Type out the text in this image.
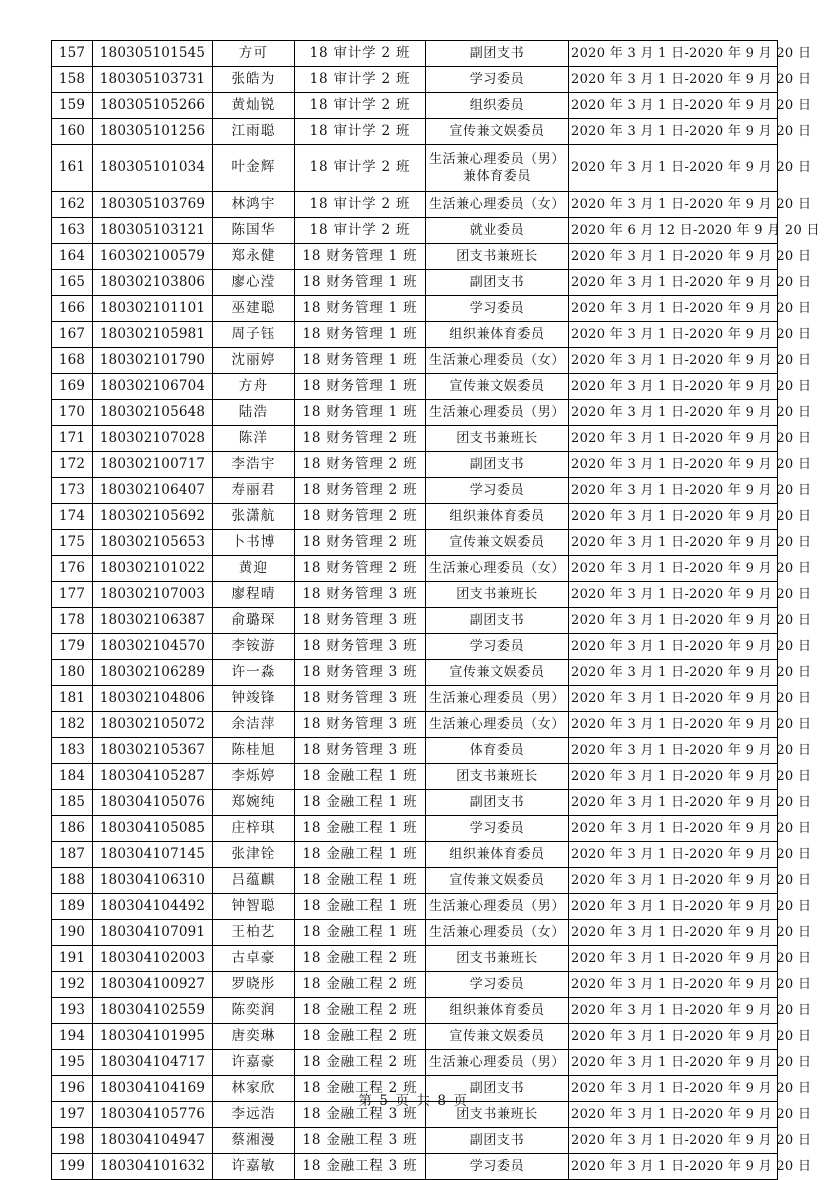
157	180305101545	方可	18 审计学 2 班	副团支书	2020 年 3 月 1 日-2020 年 9 月 20 日
158	180305103731	张皓为	18 审计学 2 班	学习委员	2020 年 3 月 1 日-2020 年 9 月 20 日
159	180305105266	黄灿锐	18 审计学 2 班	组织委员	2020 年 3 月 1 日-2020 年 9 月 20 日
160	180305101256	江雨聪	18 审计学 2 班	宣传兼文娱委员	2020 年 3 月 1 日-2020 年 9 月 20 日
161	180305101034	叶金辉	18 审计学 2 班	生活兼心理委员（男）兼体育委员	2020 年 3 月 1 日-2020 年 9 月 20 日
162	180305103769	林鸿宇	18 审计学 2 班	生活兼心理委员（女）	2020 年 3 月 1 日-2020 年 9 月 20 日
163	180305103121	陈国华	18 审计学 2 班	就业委员	2020 年 6 月 12 日-2020 年 9 月 20 日
164	160302100579	郑永健	18 财务管理 1 班	团支书兼班长	2020 年 3 月 1 日-2020 年 9 月 20 日
165	180302103806	廖心滢	18 财务管理 1 班	副团支书	2020 年 3 月 1 日-2020 年 9 月 20 日
166	180302101101	巫建聪	18 财务管理 1 班	学习委员	2020 年 3 月 1 日-2020 年 9 月 20 日
167	180302105981	周子钰	18 财务管理 1 班	组织兼体育委员	2020 年 3 月 1 日-2020 年 9 月 20 日
168	180302101790	沈丽婷	18 财务管理 1 班	生活兼心理委员（女）	2020 年 3 月 1 日-2020 年 9 月 20 日
169	180302106704	方舟	18 财务管理 1 班	宣传兼文娱委员	2020 年 3 月 1 日-2020 年 9 月 20 日
170	180302105648	陆浩	18 财务管理 1 班	生活兼心理委员（男）	2020 年 3 月 1 日-2020 年 9 月 20 日
171	180302107028	陈洋	18 财务管理 2 班	团支书兼班长	2020 年 3 月 1 日-2020 年 9 月 20 日
172	180302100717	李浩宇	18 财务管理 2 班	副团支书	2020 年 3 月 1 日-2020 年 9 月 20 日
173	180302106407	寿丽君	18 财务管理 2 班	学习委员	2020 年 3 月 1 日-2020 年 9 月 20 日
174	180302105692	张潇航	18 财务管理 2 班	组织兼体育委员	2020 年 3 月 1 日-2020 年 9 月 20 日
175	180302105653	卜书博	18 财务管理 2 班	宣传兼文娱委员	2020 年 3 月 1 日-2020 年 9 月 20 日
176	180302101022	黄迎	18 财务管理 2 班	生活兼心理委员（女）	2020 年 3 月 1 日-2020 年 9 月 20 日
177	180302107003	廖程晴	18 财务管理 3 班	团支书兼班长	2020 年 3 月 1 日-2020 年 9 月 20 日
178	180302106387	俞璐琛	18 财务管理 3 班	副团支书	2020 年 3 月 1 日-2020 年 9 月 20 日
179	180302104570	李铵游	18 财务管理 3 班	学习委员	2020 年 3 月 1 日-2020 年 9 月 20 日
180	180302106289	许一淼	18 财务管理 3 班	宣传兼文娱委员	2020 年 3 月 1 日-2020 年 9 月 20 日
181	180302104806	钟竣锋	18 财务管理 3 班	生活兼心理委员（男）	2020 年 3 月 1 日-2020 年 9 月 20 日
182	180302105072	余洁萍	18 财务管理 3 班	生活兼心理委员（女）	2020 年 3 月 1 日-2020 年 9 月 20 日
183	180302105367	陈桂旭	18 财务管理 3 班	体育委员	2020 年 3 月 1 日-2020 年 9 月 20 日
184	180304105287	李烁婷	18 金融工程 1 班	团支书兼班长	2020 年 3 月 1 日-2020 年 9 月 20 日
185	180304105076	郑婉纯	18 金融工程 1 班	副团支书	2020 年 3 月 1 日-2020 年 9 月 20 日
186	180304105085	庄梓琪	18 金融工程 1 班	学习委员	2020 年 3 月 1 日-2020 年 9 月 20 日
187	180304107145	张津铨	18 金融工程 1 班	组织兼体育委员	2020 年 3 月 1 日-2020 年 9 月 20 日
188	180304106310	吕蕴麒	18 金融工程 1 班	宣传兼文娱委员	2020 年 3 月 1 日-2020 年 9 月 20 日
189	180304104492	钟智聪	18 金融工程 1 班	生活兼心理委员（男）	2020 年 3 月 1 日-2020 年 9 月 20 日
190	180304107091	王柏艺	18 金融工程 1 班	生活兼心理委员（女）	2020 年 3 月 1 日-2020 年 9 月 20 日
191	180304102003	古卓豪	18 金融工程 2 班	团支书兼班长	2020 年 3 月 1 日-2020 年 9 月 20 日
192	180304100927	罗晓彤	18 金融工程 2 班	学习委员	2020 年 3 月 1 日-2020 年 9 月 20 日
193	180304102559	陈奕润	18 金融工程 2 班	组织兼体育委员	2020 年 3 月 1 日-2020 年 9 月 20 日
194	180304101995	唐奕琳	18 金融工程 2 班	宣传兼文娱委员	2020 年 3 月 1 日-2020 年 9 月 20 日
195	180304104717	许嘉豪	18 金融工程 2 班	生活兼心理委员（男）	2020 年 3 月 1 日-2020 年 9 月 20 日
196	180304104169	林家欣	18 金融工程 2 班	副团支书	2020 年 3 月 1 日-2020 年 9 月 20 日
197	180304105776	李远浩	18 金融工程 3 班	团支书兼班长	2020 年 3 月 1 日-2020 年 9 月 20 日
198	180304104947	蔡湘漫	18 金融工程 3 班	副团支书	2020 年 3 月 1 日-2020 年 9 月 20 日
199	180304101632	许嘉敏	18 金融工程 3 班	学习委员	2020 年 3 月 1 日-2020 年 9 月 20 日
第 5 页 共 8 页
